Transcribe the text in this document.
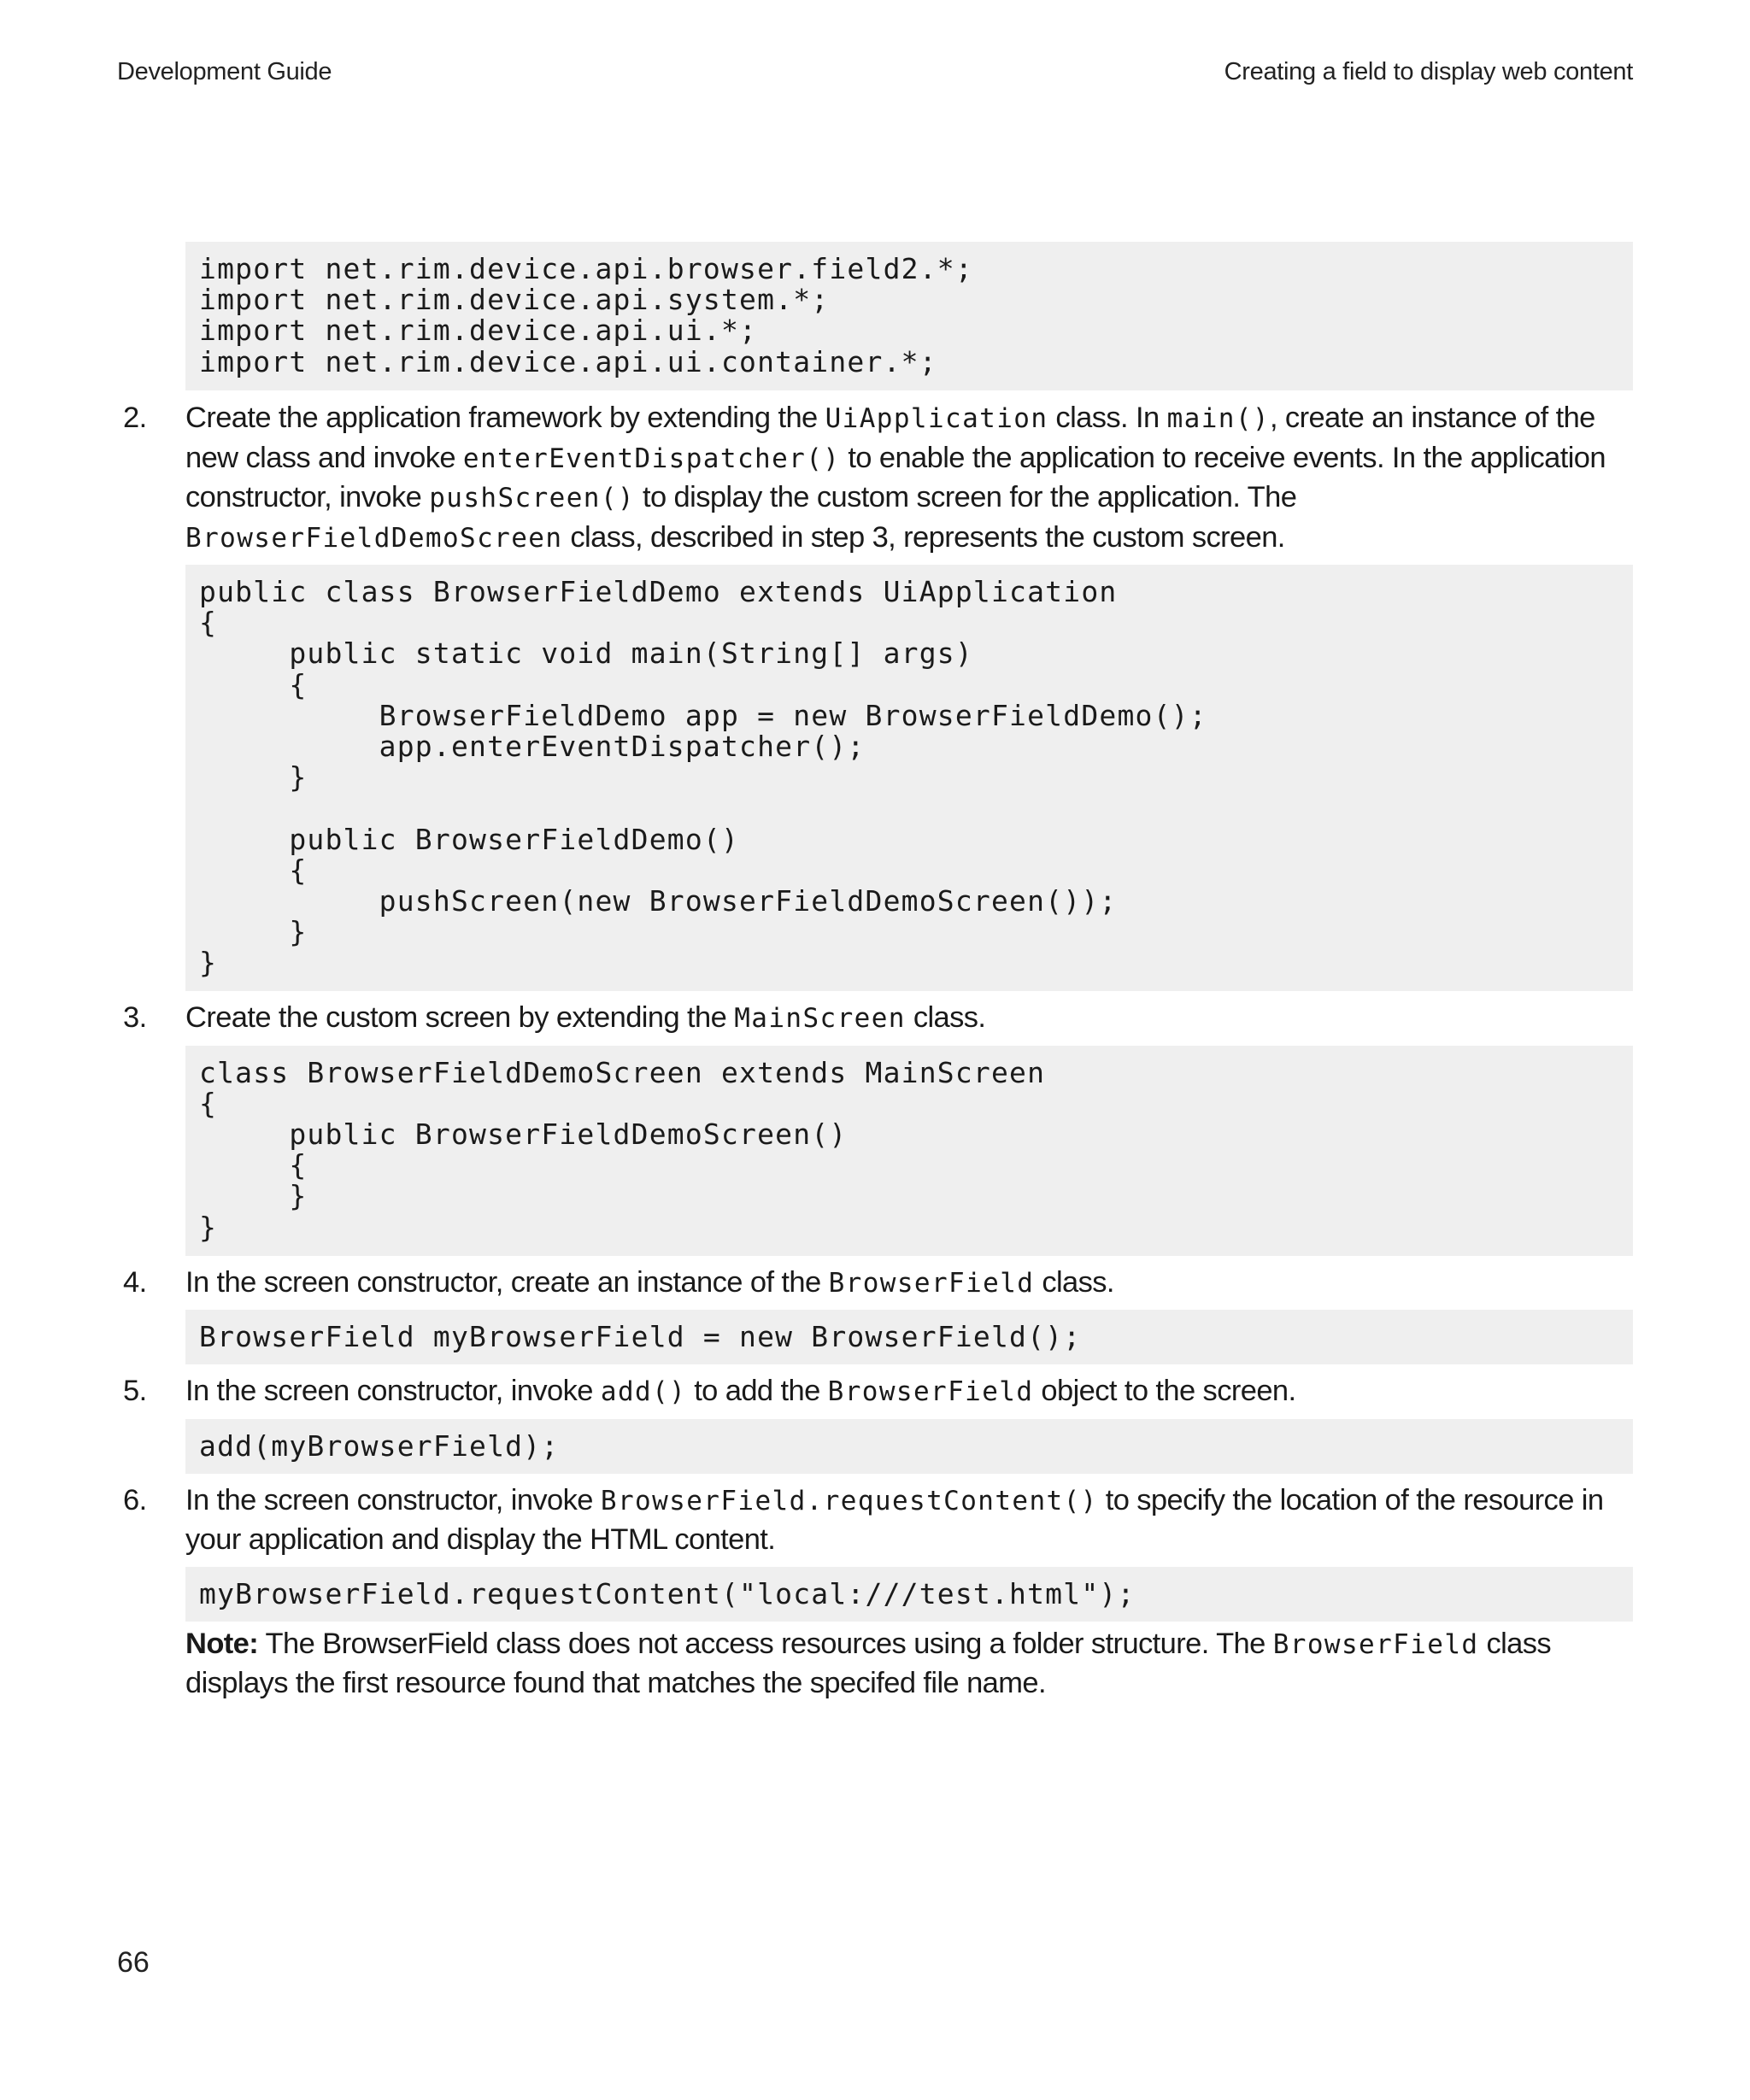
Development Guide	Creating a field to display web content
import net.rim.device.api.browser.field2.*;
import net.rim.device.api.system.*;
import net.rim.device.api.ui.*;
import net.rim.device.api.ui.container.*;
2. Create the application framework by extending the UiApplication class. In main(), create an instance of the new class and invoke enterEventDispatcher() to enable the application to receive events. In the application constructor, invoke pushScreen() to display the custom screen for the application. The BrowserFieldDemoScreen class, described in step 3, represents the custom screen.
public class BrowserFieldDemo extends UiApplication
{
public static void main(String[] args)
{
BrowserFieldDemo app = new BrowserFieldDemo();
app.enterEventDispatcher();
}

public BrowserFieldDemo()
{
pushScreen(new BrowserFieldDemoScreen());
}
}
3. Create the custom screen by extending the MainScreen class.
class BrowserFieldDemoScreen extends MainScreen
{
public BrowserFieldDemoScreen()
{
}
}
4. In the screen constructor, create an instance of the BrowserField class.
BrowserField myBrowserField = new BrowserField();
5. In the screen constructor, invoke add() to add the BrowserField object to the screen.
add(myBrowserField);
6. In the screen constructor, invoke BrowserField.requestContent() to specify the location of the resource in your application and display the HTML content.
myBrowserField.requestContent("local:///test.html");
Note: The BrowserField class does not access resources using a folder structure. The BrowserField class displays the first resource found that matches the specifed file name.
66
